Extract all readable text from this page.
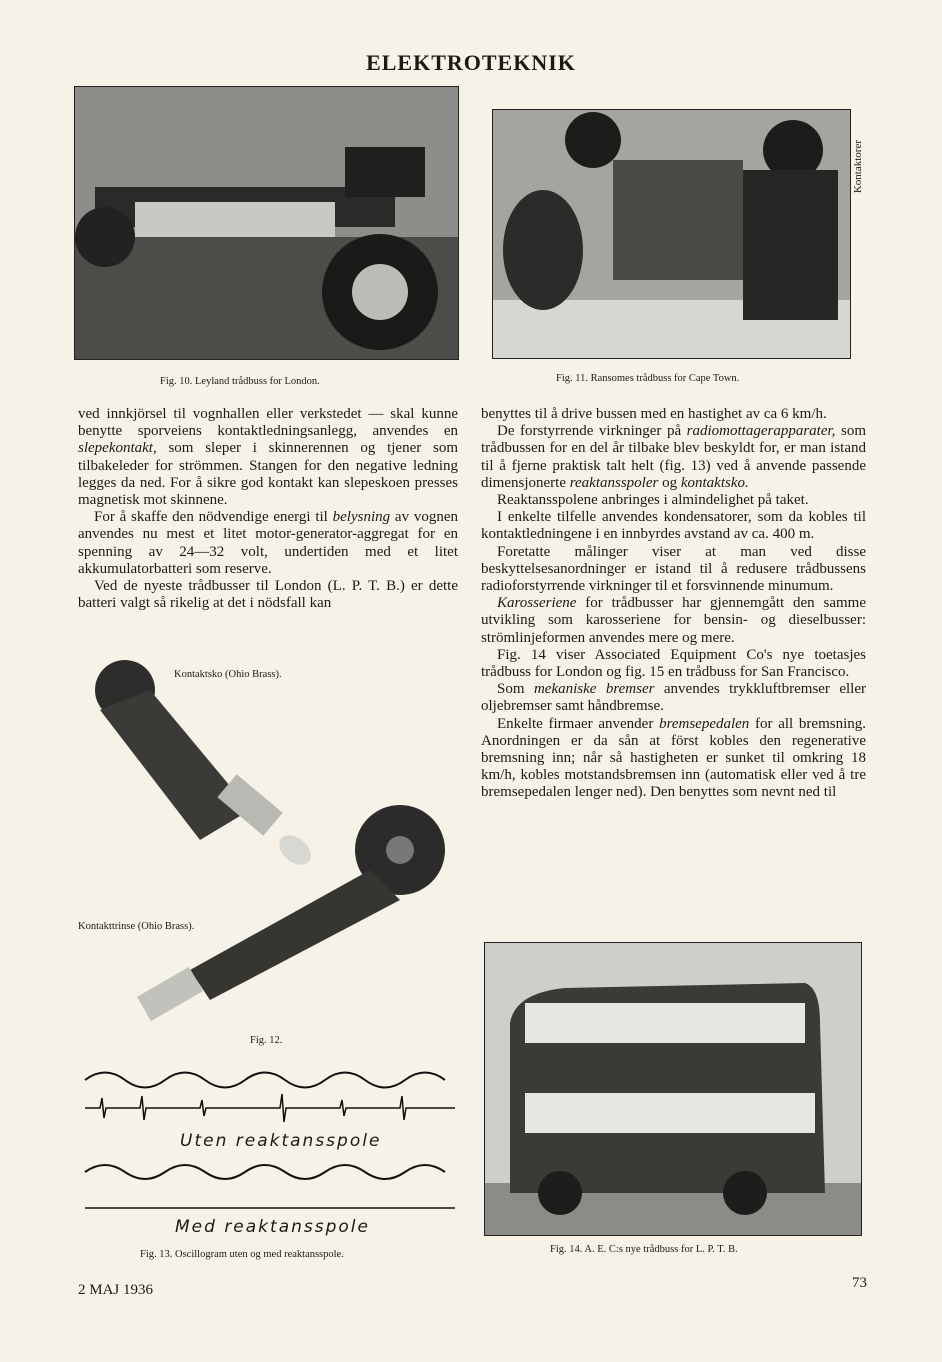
ELEKTROTEKNIK
Fig. 10. Leyland trådbuss for London.
Kontaktorer
Fig. 11. Ransomes trådbuss for Cape Town.

ved innkjörsel til vognhallen eller verkstedet — skal kunne benytte sporveiens kontaktledningsanlegg, anvendes en slepekontakt, som sleper i skinnerennen og tjener som tilbakeleder for strömmen. Stangen for den negative ledning legges da ned. For å sikre god kontakt kan slepeskoen presses magnetisk mot skinnene.

For å skaffe den nödvendige energi til belysning av vognen anvendes nu mest et litet motor-generator-aggregat for en spenning av 24—32 volt, undertiden med et litet akkumulatorbatteri som reserve.

Ved de nyeste trådbusser til London (L. P. T. B.) er dette batteri valgt så rikelig at det i nödsfall kan

Kontaktsko (Ohio Brass).
Kontakttrinse (Ohio Brass).
Fig. 12.
Uten reaktansspole
Med reaktansspole
Fig. 13. Oscillogram uten og med reaktansspole.

benyttes til å drive bussen med en hastighet av ca 6 km/h.

De forstyrrende virkninger på radiomottagerapparater, som trådbussen for en del år tilbake blev beskyldt for, er man istand til å fjerne praktisk talt helt (fig. 13) ved å anvende passende dimensjonerte reaktansspoler og kontaktsko.

Reaktansspolene anbringes i almindelighet på taket.

I enkelte tilfelle anvendes kondensatorer, som da kobles til kontaktledningene i en innbyrdes avstand av ca. 400 m.

Foretatte målinger viser at man ved disse beskyttelsesanordninger er istand til å redusere trådbussens radioforstyrrende virkninger til et forsvinnende minumum.

Karosseriene for trådbusser har gjennemgått den samme utvikling som karosseriene for bensin- og dieselbusser: strömlinjeformen anvendes mere og mere.

Fig. 14 viser Associated Equipment Co's nye toetasjes trådbuss for London og fig. 15 en trådbuss for San Francisco.

Som mekaniske bremser anvendes trykkluftbremser eller oljebremser samt håndbremse.

Enkelte firmaer anvender bremsepedalen for all bremsning. Anordningen er da sån at först kobles den regenerative bremsning inn; når så hastigheten er sunket til omkring 18 km/h, kobles motstandsbremsen inn (automatisk eller ved å tre bremsepedalen lenger ned). Den benyttes som nevnt ned til

Fig. 14. A. E. C:s nye trådbuss for L. P. T. B.
2 MAJ 1936	73
